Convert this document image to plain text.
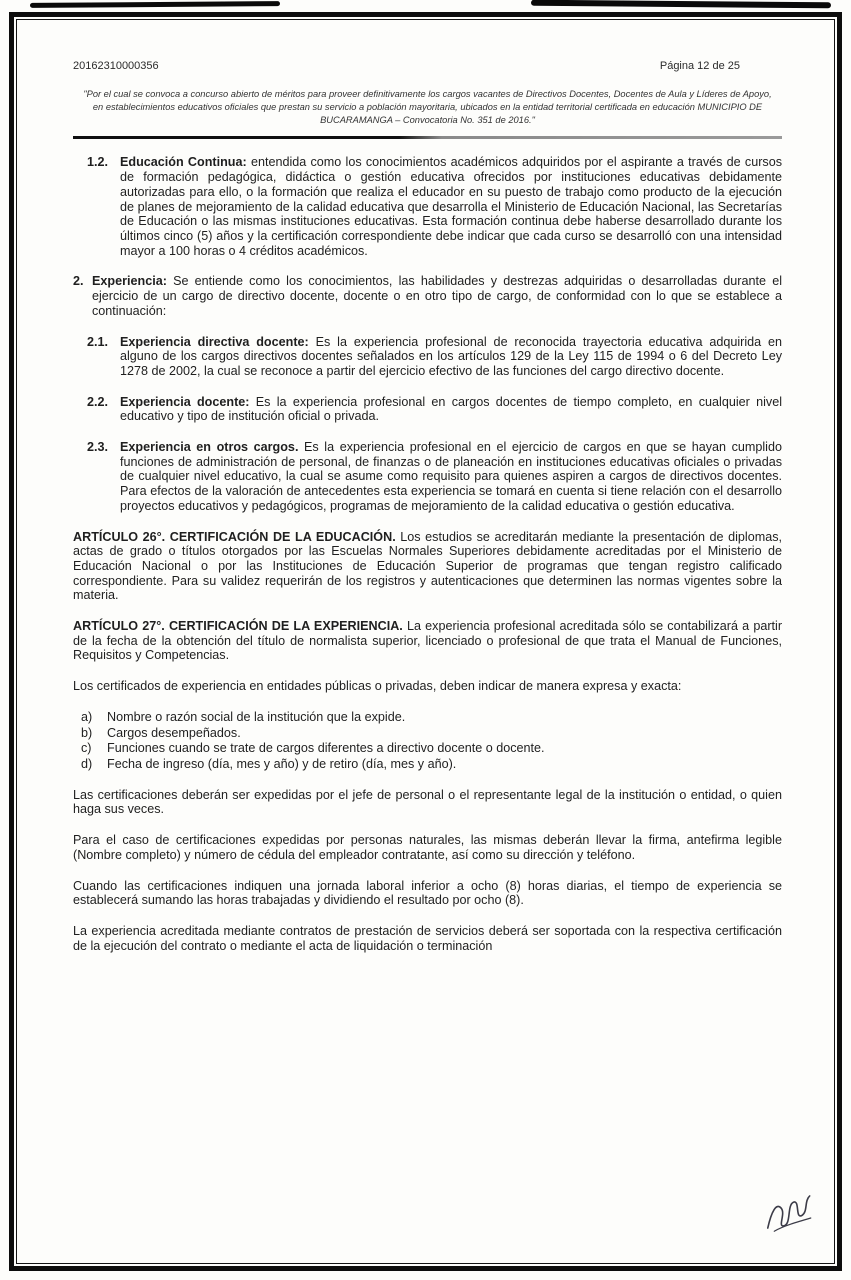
20162310000356	Página 12 de 25
"Por el cual se convoca a concurso abierto de méritos para proveer definitivamente los cargos vacantes de Directivos Docentes, Docentes de Aula y Líderes de Apoyo, en establecimientos educativos oficiales que prestan su servicio a población mayoritaria, ubicados en la entidad territorial certificada en educación MUNICIPIO DE BUCARAMANGA – Convocatoria No. 351 de 2016."
1.2. Educación Continua: entendida como los conocimientos académicos adquiridos por el aspirante a través de cursos de formación pedagógica, didáctica o gestión educativa ofrecidos por instituciones educativas debidamente autorizadas para ello, o la formación que realiza el educador en su puesto de trabajo como producto de la ejecución de planes de mejoramiento de la calidad educativa que desarrolla el Ministerio de Educación Nacional, las Secretarías de Educación o las mismas instituciones educativas. Esta formación continua debe haberse desarrollado durante los últimos cinco (5) años y la certificación correspondiente debe indicar que cada curso se desarrolló con una intensidad mayor a 100 horas o 4 créditos académicos.

2. Experiencia: Se entiende como los conocimientos, las habilidades y destrezas adquiridas o desarrolladas durante el ejercicio de un cargo de directivo docente, docente o en otro tipo de cargo, de conformidad con lo que se establece a continuación:

2.1. Experiencia directiva docente: Es la experiencia profesional de reconocida trayectoria educativa adquirida en alguno de los cargos directivos docentes señalados en los artículos 129 de la Ley 115 de 1994 o 6 del Decreto Ley 1278 de 2002, la cual se reconoce a partir del ejercicio efectivo de las funciones del cargo directivo docente.

2.2. Experiencia docente: Es la experiencia profesional en cargos docentes de tiempo completo, en cualquier nivel educativo y tipo de institución oficial o privada.

2.3. Experiencia en otros cargos. Es la experiencia profesional en el ejercicio de cargos en que se hayan cumplido funciones de administración de personal, de finanzas o de planeación en instituciones educativas oficiales o privadas de cualquier nivel educativo, la cual se asume como requisito para quienes aspiren a cargos de directivos docentes. Para efectos de la valoración de antecedentes esta experiencia se tomará en cuenta si tiene relación con el desarrollo proyectos educativos y pedagógicos, programas de mejoramiento de la calidad educativa o gestión educativa.

ARTÍCULO 26°. CERTIFICACIÓN DE LA EDUCACIÓN. Los estudios se acreditarán mediante la presentación de diplomas, actas de grado o títulos otorgados por las Escuelas Normales Superiores debidamente acreditadas por el Ministerio de Educación Nacional o por las Instituciones de Educación Superior de programas que tengan registro calificado correspondiente. Para su validez requerirán de los registros y autenticaciones que determinen las normas vigentes sobre la materia.

ARTÍCULO 27°. CERTIFICACIÓN DE LA EXPERIENCIA. La experiencia profesional acreditada sólo se contabilizará a partir de la fecha de la obtención del título de normalista superior, licenciado o profesional de que trata el Manual de Funciones, Requisitos y Competencias.

Los certificados de experiencia en entidades públicas o privadas, deben indicar de manera expresa y exacta:

a)	Nombre o razón social de la institución que la expide.
b)	Cargos desempeñados.
c)	Funciones cuando se trate de cargos diferentes a directivo docente o docente.
d)	Fecha de ingreso (día, mes y año) y de retiro (día, mes y año).

Las certificaciones deberán ser expedidas por el jefe de personal o el representante legal de la institución o entidad, o quien haga sus veces.

Para el caso de certificaciones expedidas por personas naturales, las mismas deberán llevar la firma, antefirma legible (Nombre completo) y número de cédula del empleador contratante, así como su dirección y teléfono.

Cuando las certificaciones indiquen una jornada laboral inferior a ocho (8) horas diarias, el tiempo de experiencia se establecerá sumando las horas trabajadas y dividiendo el resultado por ocho (8).

La experiencia acreditada mediante contratos de prestación de servicios deberá ser soportada con la respectiva certificación de la ejecución del contrato o mediante el acta de liquidación o terminación
